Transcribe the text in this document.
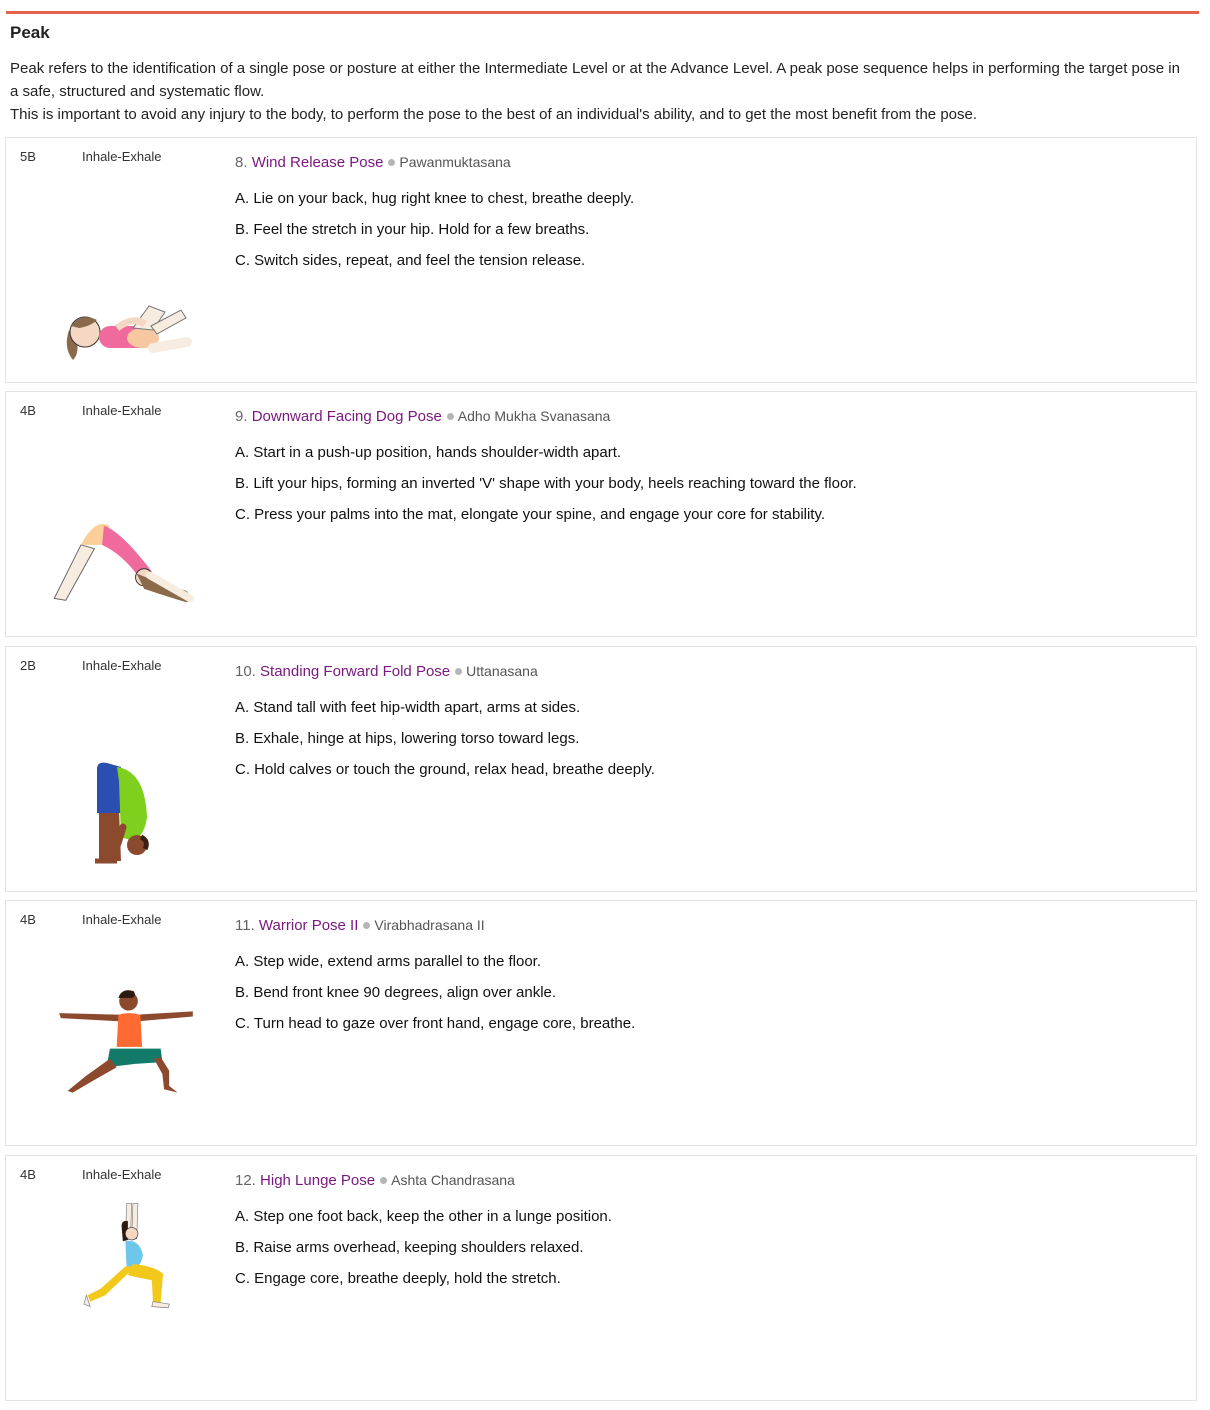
Peak

Peak refers to the identification of a single pose or posture at either the Intermediate Level or at the Advance Level. A peak pose sequence helps in performing the target pose in a safe, structured and systematic flow.

This is important to avoid any injury to the body, to perform the pose to the best of an individual's ability, and to get the most benefit from the pose.

5B	Inhale-Exhale	8. Wind Release Pose Pawanmuktasana
A. Lie on your back, hug right knee to chest, breathe deeply.
B. Feel the stretch in your hip. Hold for a few breaths.
C. Switch sides, repeat, and feel the tension release.
4B	Inhale-Exhale	9. Downward Facing Dog Pose Adho Mukha Svanasana
A. Start in a push-up position, hands shoulder-width apart.
B. Lift your hips, forming an inverted 'V' shape with your body, heels reaching toward the floor.
C. Press your palms into the mat, elongate your spine, and engage your core for stability.
2B	Inhale-Exhale	10. Standing Forward Fold Pose Uttanasana
A. Stand tall with feet hip-width apart, arms at sides.
B. Exhale, hinge at hips, lowering torso toward legs.
C. Hold calves or touch the ground, relax head, breathe deeply.
4B	Inhale-Exhale	11. Warrior Pose II Virabhadrasana II
A. Step wide, extend arms parallel to the floor.
B. Bend front knee 90 degrees, align over ankle.
C. Turn head to gaze over front hand, engage core, breathe.
4B	Inhale-Exhale	12. High Lunge Pose Ashta Chandrasana
A. Step one foot back, keep the other in a lunge position.
B. Raise arms overhead, keeping shoulders relaxed.
C. Engage core, breathe deeply, hold the stretch.
